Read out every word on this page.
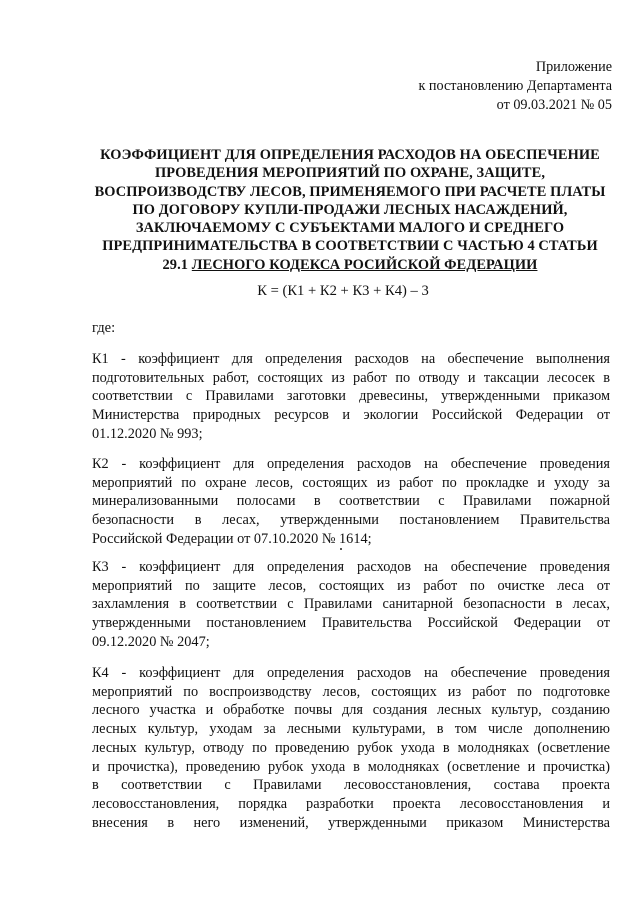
Приложение
к постановлению Департамента
от 09.03.2021 № 05
КОЭФФИЦИЕНТ ДЛЯ ОПРЕДЕЛЕНИЯ РАСХОДОВ НА ОБЕСПЕЧЕНИЕ
ПРОВЕДЕНИЯ МЕРОПРИЯТИЙ ПО ОХРАНЕ, ЗАЩИТЕ,
ВОСПРОИЗВОДСТВУ ЛЕСОВ, ПРИМЕНЯЕМОГО ПРИ РАСЧЕТЕ ПЛАТЫ
ПО ДОГОВОРУ КУПЛИ-ПРОДАЖИ ЛЕСНЫХ НАСАЖДЕНИЙ,
ЗАКЛЮЧАЕМОМУ С СУБЪЕКТАМИ МАЛОГО И СРЕДНЕГО
ПРЕДПРИНИМАТЕЛЬСТВА В СООТВЕТСТВИИ С ЧАСТЬЮ 4 СТАТЬИ
29.1 ЛЕСНОГО КОДЕКСА РОСИЙСКОЙ ФЕДЕРАЦИИ
К = (К1 + К2 + К3 + К4) – 3
где:
К1 - коэффициент для определения расходов на обеспечение выполнения
подготовительных работ, состоящих из работ по отводу и таксации лесосек в
соответствии с Правилами заготовки древесины, утвержденными приказом
Министерства природных ресурсов и экологии Российской Федерации от
01.12.2020 № 993;
К2 - коэффициент для определения расходов на обеспечение проведения
мероприятий по охране лесов, состоящих из работ по прокладке и уходу за
минерализованными полосами в соответствии с Правилами пожарной
безопасности в лесах, утвержденными постановлением Правительства
Российской Федерации от 07.10.2020 № 1614;
К3 - коэффициент для определения расходов на обеспечение проведения
мероприятий по защите лесов, состоящих из работ по очистке леса от
захламления в соответствии с Правилами санитарной безопасности в лесах,
утвержденными постановлением Правительства Российской Федерации от
09.12.2020 № 2047;
К4 - коэффициент для определения расходов на обеспечение проведения
мероприятий по воспроизводству лесов, состоящих из работ по подготовке
лесного участка и обработке почвы для создания лесных культур, созданию
лесных культур, уходам за лесными культурами, в том числе дополнению
лесных культур, отводу по проведению рубок ухода в молодняках (осветление
и прочистка), проведению рубок ухода в молодняках (осветление и прочистка)
в соответствии с Правилами лесовосстановления, состава проекта
лесовосстановления, порядка разработки проекта лесовосстановления и
внесения в него изменений, утвержденными приказом Министерства
